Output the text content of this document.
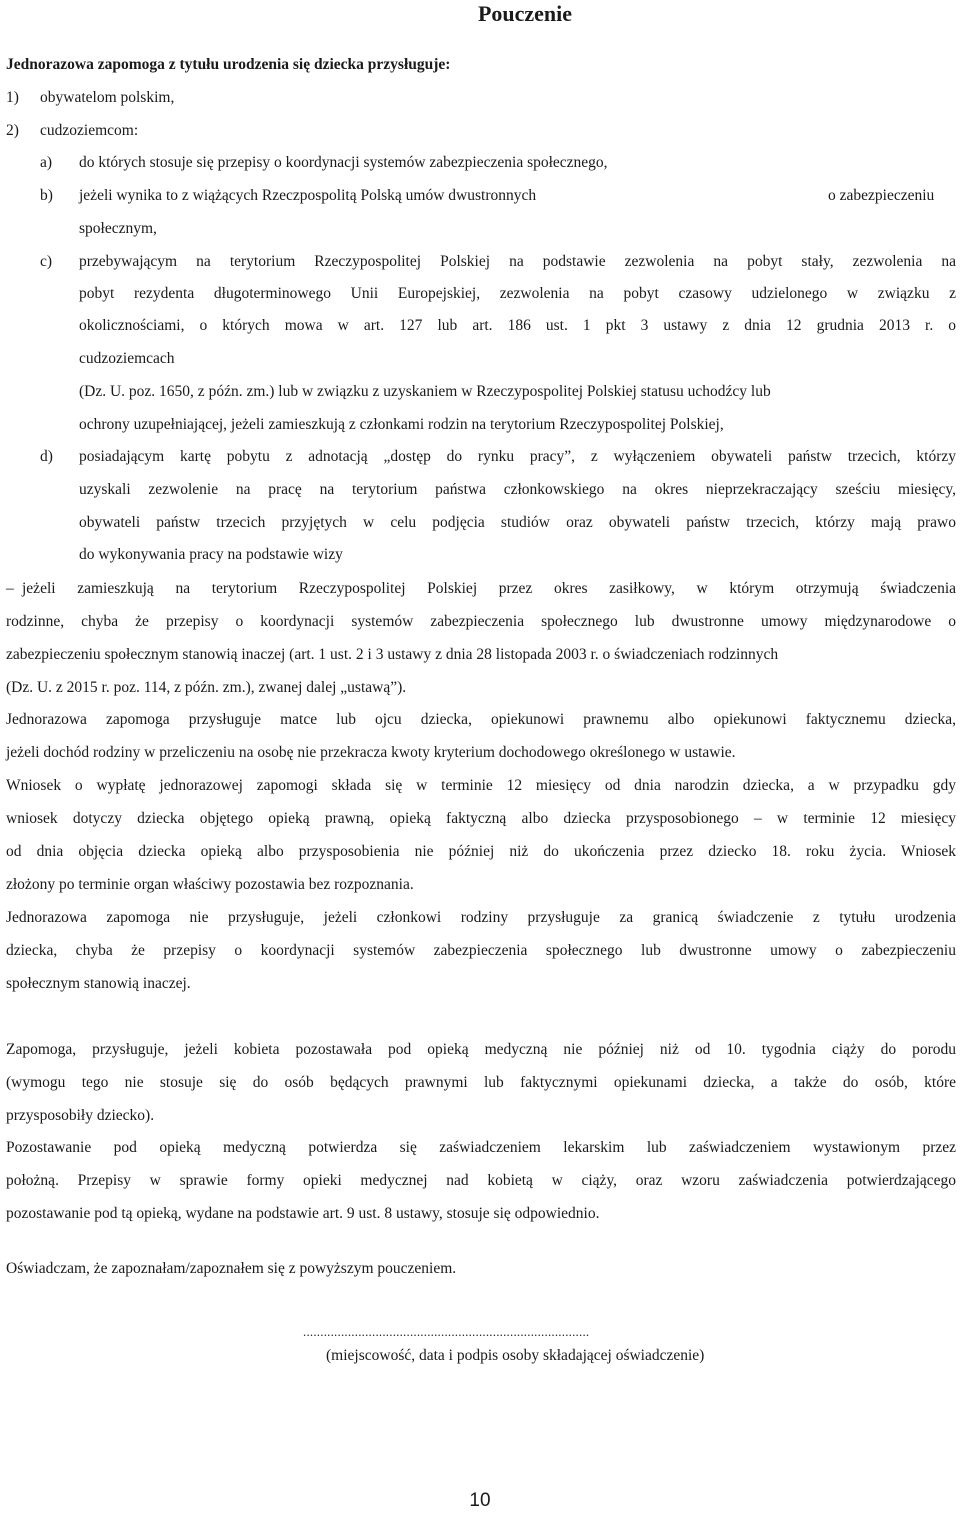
Pouczenie
Jednorazowa zapomoga z tytułu urodzenia się dziecka przysługuje:
1) obywatelom polskim,
2) cudzoziemcom:
a) do których stosuje się przepisy o koordynacji systemów zabezpieczenia społecznego,
b) jeżeli wynika to z wiążących Rzeczpospolitą Polską umów dwustronnych	o zabezpieczeniu
społecznym,
c) przebywającym na terytorium Rzeczypospolitej Polskiej na podstawie zezwolenia na pobyt stały, zezwolenia na
pobyt rezydenta długoterminowego Unii Europejskiej, zezwolenia na pobyt czasowy udzielonego w związku z
okolicznościami, o których mowa w art. 127 lub art. 186 ust. 1 pkt 3 ustawy z dnia 12 grudnia 2013 r. o
cudzoziemcach
(Dz. U. poz. 1650, z późn. zm.) lub w związku z uzyskaniem w Rzeczypospolitej Polskiej statusu uchodźcy lub
ochrony uzupełniającej, jeżeli zamieszkują z członkami rodzin na terytorium Rzeczypospolitej Polskiej,
d) posiadającym kartę pobytu z adnotacją „dostęp do rynku pracy”, z wyłączeniem obywateli państw trzecich, którzy
uzyskali zezwolenie na pracę na terytorium państwa członkowskiego na okres nieprzekraczający sześciu miesięcy,
obywateli państw trzecich przyjętych w celu podjęcia studiów oraz obywateli państw trzecich, którzy mają prawo
do wykonywania pracy na podstawie wizy
– jeżeli zamieszkują na terytorium Rzeczypospolitej Polskiej przez okres zasiłkowy, w którym otrzymują świadczenia
rodzinne, chyba że przepisy o koordynacji systemów zabezpieczenia społecznego lub dwustronne umowy międzynarodowe o
zabezpieczeniu społecznym stanowią inaczej (art. 1 ust. 2 i 3 ustawy z dnia 28 listopada 2003 r. o świadczeniach rodzinnych
(Dz. U. z 2015 r. poz. 114, z późn. zm.), zwanej dalej „ustawą”).
Jednorazowa zapomoga przysługuje matce lub ojcu dziecka, opiekunowi prawnemu albo opiekunowi faktycznemu dziecka,
jeżeli dochód rodziny w przeliczeniu na osobę nie przekracza kwoty kryterium dochodowego określonego w ustawie.
Wniosek o wypłatę jednorazowej zapomogi składa się w terminie 12 miesięcy od dnia narodzin dziecka, a w przypadku gdy
wniosek dotyczy dziecka objętego opieką prawną, opieką faktyczną albo dziecka przysposobionego – w terminie 12 miesięcy
od dnia objęcia dziecka opieką albo przysposobienia nie później niż do ukończenia przez dziecko 18. roku życia. Wniosek
złożony po terminie organ właściwy pozostawia bez rozpoznania.
Jednorazowa zapomoga nie przysługuje, jeżeli członkowi rodziny przysługuje za granicą świadczenie z tytułu urodzenia
dziecka, chyba że przepisy o koordynacji systemów zabezpieczenia społecznego lub dwustronne umowy o zabezpieczeniu
społecznym stanowią inaczej.
Zapomoga, przysługuje, jeżeli kobieta pozostawała pod opieką medyczną nie później niż od 10. tygodnia ciąży do porodu
(wymogu tego nie stosuje się do osób będących prawnymi lub faktycznymi opiekunami dziecka, a także do osób, które
przysposobiły dziecko).
Pozostawanie pod opieką medyczną potwierdza się zaświadczeniem lekarskim lub zaświadczeniem wystawionym przez
położną. Przepisy w sprawie formy opieki medycznej nad kobietą w ciąży, oraz wzoru zaświadczenia potwierdzającego
pozostawanie pod tą opieką, wydane na podstawie art. 9 ust. 8 ustawy, stosuje się odpowiednio.
Oświadczam, że zapoznałam/zapoznałem się z powyższym pouczeniem.
...................................................................................
(miejscowość, data i podpis osoby składającej oświadczenie)
10
